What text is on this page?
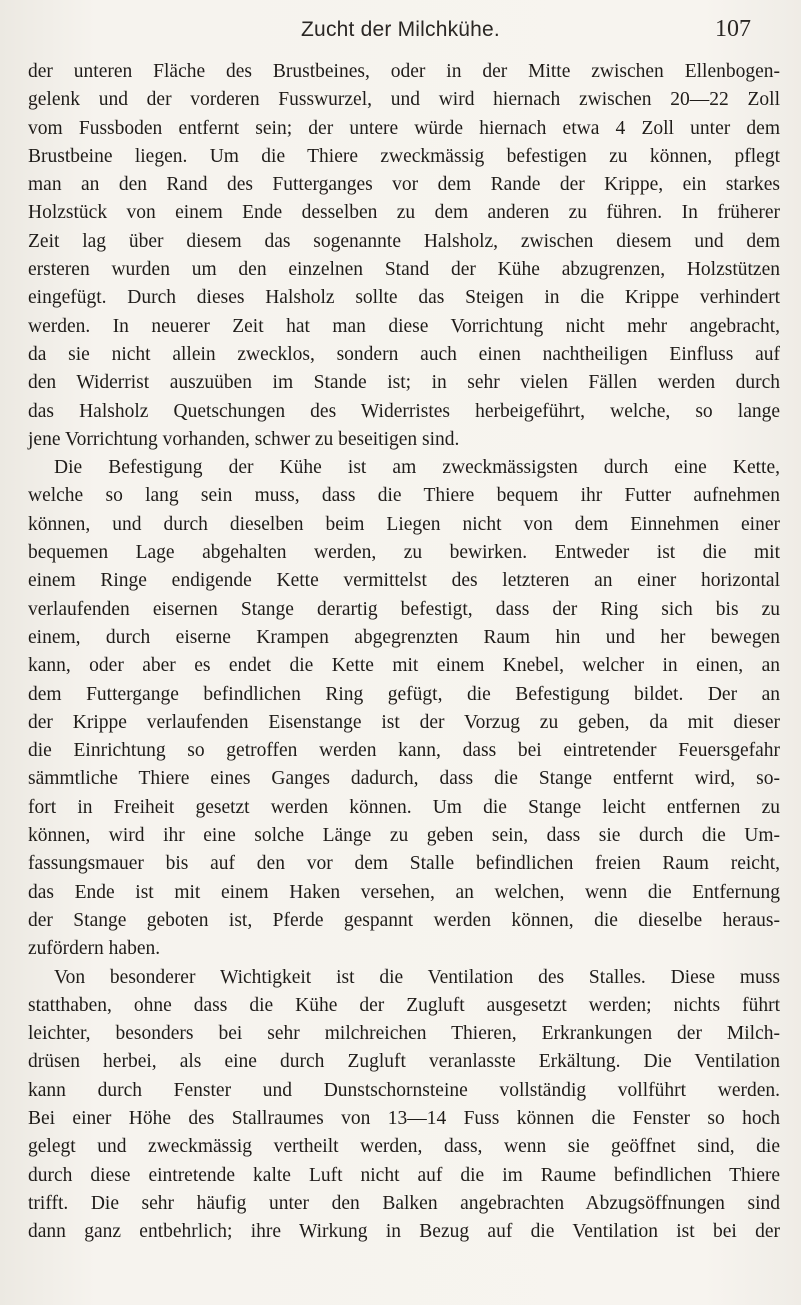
Zucht der Milchkühe.	107
der unteren Fläche des Brustbeines, oder in der Mitte zwischen Ellenbogen-
gelenk und der vorderen Fusswurzel, und wird hiernach zwischen 20—22 Zoll
vom Fussboden entfernt sein; der untere würde hiernach etwa 4 Zoll unter dem
Brustbeine liegen. Um die Thiere zweckmässig befestigen zu können, pflegt
man an den Rand des Futterganges vor dem Rande der Krippe, ein starkes
Holzstück von einem Ende desselben zu dem anderen zu führen. In früherer
Zeit lag über diesem das sogenannte Halsholz, zwischen diesem und dem
ersteren wurden um den einzelnen Stand der Kühe abzugrenzen, Holzstützen
eingefügt. Durch dieses Halsholz sollte das Steigen in die Krippe verhindert
werden. In neuerer Zeit hat man diese Vorrichtung nicht mehr angebracht,
da sie nicht allein zwecklos, sondern auch einen nachtheiligen Einfluss auf
den Widerrist auszuüben im Stande ist; in sehr vielen Fällen werden durch
das Halsholz Quetschungen des Widerristes herbeigeführt, welche, so lange
jene Vorrichtung vorhanden, schwer zu beseitigen sind.
Die Befestigung der Kühe ist am zweckmässigsten durch eine Kette,
welche so lang sein muss, dass die Thiere bequem ihr Futter aufnehmen
können, und durch dieselben beim Liegen nicht von dem Einnehmen einer
bequemen Lage abgehalten werden, zu bewirken. Entweder ist die mit
einem Ringe endigende Kette vermittelst des letzteren an einer horizontal
verlaufenden eisernen Stange derartig befestigt, dass der Ring sich bis zu
einem, durch eiserne Krampen abgegrenzten Raum hin und her bewegen
kann, oder aber es endet die Kette mit einem Knebel, welcher in einen, an
dem Futtergange befindlichen Ring gefügt, die Befestigung bildet. Der an
der Krippe verlaufenden Eisenstange ist der Vorzug zu geben, da mit dieser
die Einrichtung so getroffen werden kann, dass bei eintretender Feuersgefahr
sämmtliche Thiere eines Ganges dadurch, dass die Stange entfernt wird, so-
fort in Freiheit gesetzt werden können. Um die Stange leicht entfernen zu
können, wird ihr eine solche Länge zu geben sein, dass sie durch die Um-
fassungsmauer bis auf den vor dem Stalle befindlichen freien Raum reicht,
das Ende ist mit einem Haken versehen, an welchen, wenn die Entfernung
der Stange geboten ist, Pferde gespannt werden können, die dieselbe heraus-
zufördern haben.
Von besonderer Wichtigkeit ist die Ventilation des Stalles. Diese muss
statthaben, ohne dass die Kühe der Zugluft ausgesetzt werden; nichts führt
leichter, besonders bei sehr milchreichen Thieren, Erkrankungen der Milch-
drüsen herbei, als eine durch Zugluft veranlasste Erkältung. Die Ventilation
kann durch Fenster und Dunstschornsteine vollständig vollführt werden.
Bei einer Höhe des Stallraumes von 13—14 Fuss können die Fenster so hoch
gelegt und zweckmässig vertheilt werden, dass, wenn sie geöffnet sind, die
durch diese eintretende kalte Luft nicht auf die im Raume befindlichen Thiere
trifft. Die sehr häufig unter den Balken angebrachten Abzugsöffnungen sind
dann ganz entbehrlich; ihre Wirkung in Bezug auf die Ventilation ist bei der
